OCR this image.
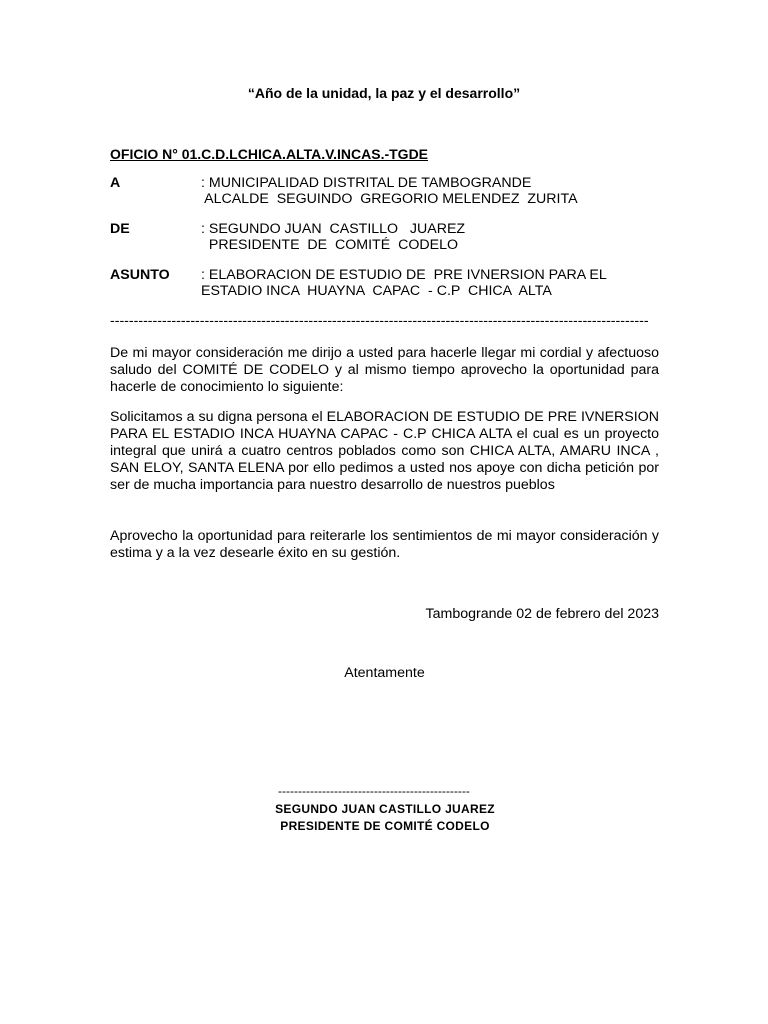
“Año de la unidad, la paz y el desarrollo”
OFICIO N° 01.C.D.LCHICA.ALTA.V.INCAS.-TGDE
A	: MUNICIPALIDAD DISTRITAL DE TAMBOGRANDE
ALCALDE  SEGUINDO  GREGORIO MELENDEZ  ZURITA
DE	: SEGUNDO JUAN  CASTILLO   JUAREZ
PRESIDENTE  DE  COMITÉ  CODELO
ASUNTO : ELABORACION DE ESTUDIO DE  PRE IVNERSION PARA EL
ESTADIO INCA  HUAYNA  CAPAC  - C.P  CHICA  ALTA
------------------------------------------------------------------------------------------------------------------
De mi mayor consideración me dirijo a usted para hacerle llegar mi cordial y afectuoso saludo del COMITÉ DE CODELO y al mismo tiempo aprovecho la oportunidad para hacerle de conocimiento lo siguiente:
Solicitamos a su digna persona el ELABORACION DE ESTUDIO DE PRE IVNERSION PARA EL ESTADIO INCA HUAYNA CAPAC - C.P CHICA ALTA el cual es un proyecto integral que unirá a cuatro centros poblados como son CHICA ALTA, AMARU INCA , SAN ELOY, SANTA ELENA por ello pedimos a usted nos apoye con dicha petición por ser de mucha importancia para nuestro desarrollo de nuestros pueblos
Aprovecho la oportunidad para reiterarle los sentimientos de mi mayor consideración y estima y a la vez desearle éxito en su gestión.
Tambogrande 02 de febrero del 2023
Atentamente
------------------------------------------------
SEGUNDO JUAN CASTILLO JUAREZ
PRESIDENTE DE COMITÉ CODELO
